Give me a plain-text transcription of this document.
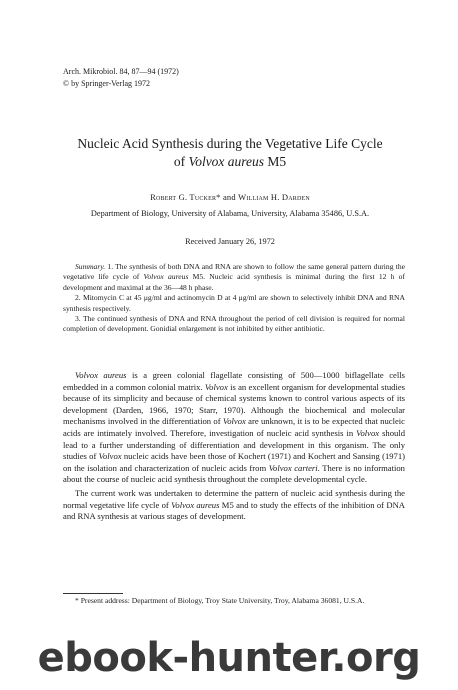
Arch. Mikrobiol. 84, 87—94 (1972)
© by Springer-Verlag 1972
Nucleic Acid Synthesis during the Vegetative Life Cycle
of Volvox aureus M5
Robert G. Tucker* and William H. Darden
Department of Biology, University of Alabama, University, Alabama 35486, U.S.A.
Received January 26, 1972

Summary. 1. The synthesis of both DNA and RNA are shown to follow the same general pattern during the vegetative life cycle of Volvox aureus M5. Nucleic acid synthesis is minimal during the first 12 h of development and maximal at the 36—48 h phase.

2. Mitomycin C at 45 μg/ml and actinomycin D at 4 μg/ml are shown to selectively inhibit DNA and RNA synthesis respectively.

3. The continued synthesis of DNA and RNA throughout the period of cell division is required for normal completion of development. Gonidial enlargement is not inhibited by either antibiotic.

Volvox aureus is a green colonial flagellate consisting of 500—1000 biflagellate cells embedded in a common colonial matrix. Volvox is an excellent organism for developmental studies because of its simplicity and because of chemical systems known to control various aspects of its development (Darden, 1966, 1970; Starr, 1970). Although the biochemical and molecular mechanisms involved in the differentiation of Volvox are unknown, it is to be expected that nucleic acids are intimately involved. Therefore, investigation of nucleic acid synthesis in Volvox should lead to a further understanding of differentiation and development in this organism. The only studies of Volvox nucleic acids have been those of Kochert (1971) and Kochert and Sansing (1971) on the isolation and characterization of nucleic acids from Volvox carteri. There is no information about the course of nucleic acid synthesis throughout the complete developmental cycle.

The current work was undertaken to determine the pattern of nucleic acid synthesis during the normal vegetative life cycle of Volvox aureus M5 and to study the effects of the inhibition of DNA and RNA synthesis at various stages of development.

* Present address: Department of Biology, Troy State University, Troy, Alabama 36081, U.S.A.
ebook-hunter.org
